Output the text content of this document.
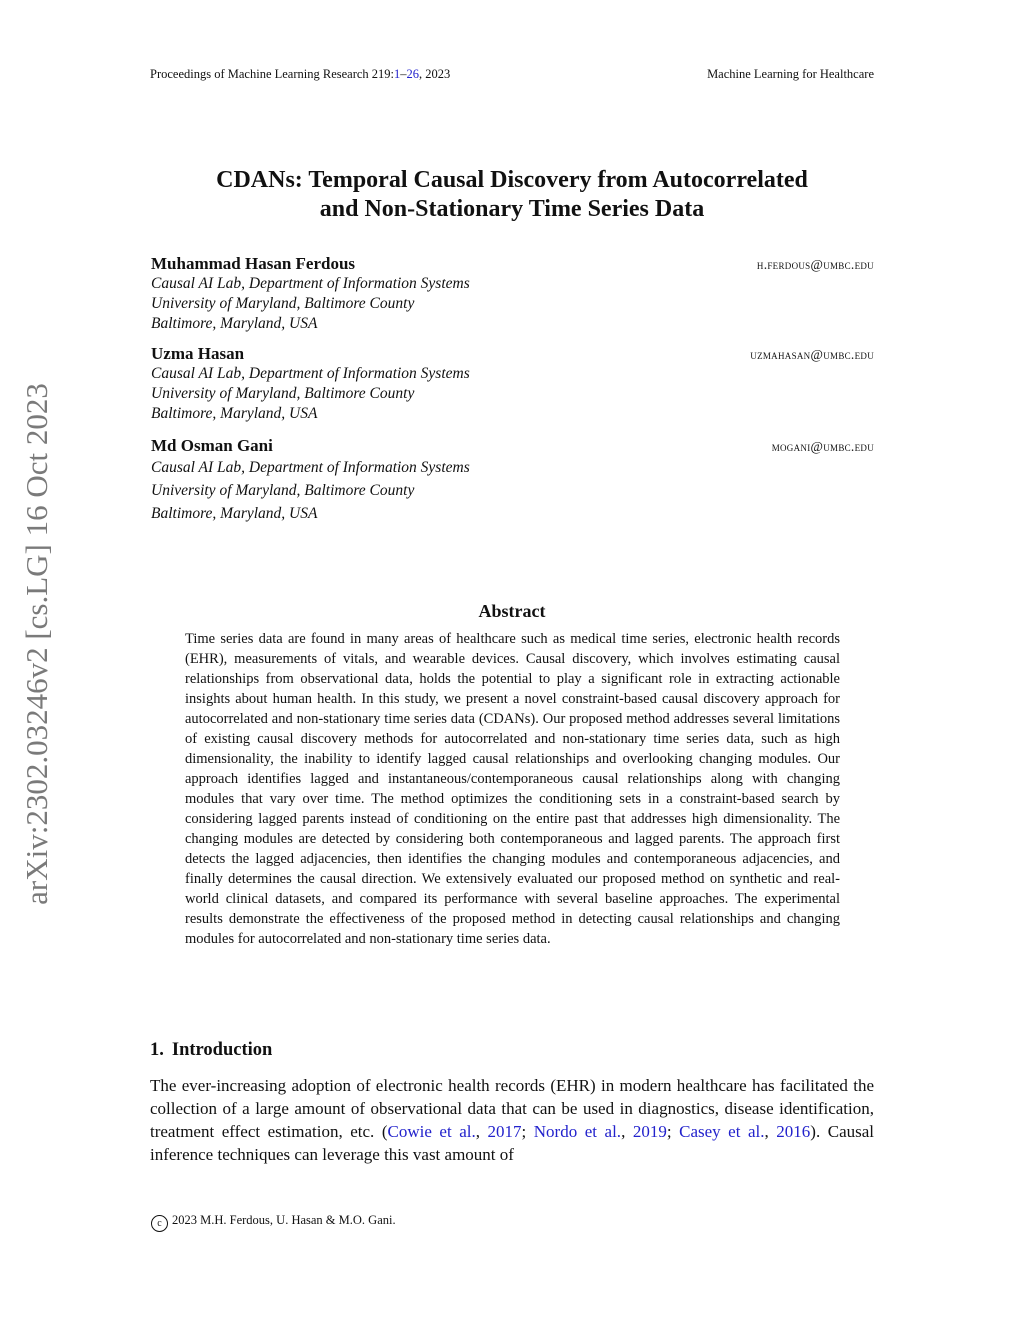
Proceedings of Machine Learning Research 219:1–26, 2023	Machine Learning for Healthcare
CDANs: Temporal Causal Discovery from Autocorrelated
and Non-Stationary Time Series Data
Muhammad Hasan Ferdous	h.ferdous@umbc.edu
Causal AI Lab, Department of Information Systems
University of Maryland, Baltimore County
Baltimore, Maryland, USA
Uzma Hasan	uzmahasan@umbc.edu
Causal AI Lab, Department of Information Systems
University of Maryland, Baltimore County
Baltimore, Maryland, USA
Md Osman Gani	mogani@umbc.edu
Causal AI Lab, Department of Information Systems
University of Maryland, Baltimore County
Baltimore, Maryland, USA
arXiv:2302.03246v2 [cs.LG] 16 Oct 2023	Abstract
Time series data are found in many areas of healthcare such as medical time series, electronic health records (EHR), measurements of vitals, and wearable devices. Causal discovery, which involves estimating causal relationships from observational data, holds the potential to play a significant role in extracting actionable insights about human health. In this study, we present a novel constraint-based causal discovery approach for autocorrelated and non-stationary time series data (CDANs). Our proposed method addresses several limitations of existing causal discovery methods for autocorrelated and non-stationary time series data, such as high dimensionality, the inability to identify lagged causal relationships and overlooking changing modules. Our approach identifies lagged and instantaneous/contemporaneous causal relationships along with changing modules that vary over time. The method optimizes the conditioning sets in a constraint-based search by considering lagged parents instead of conditioning on the entire past that addresses high dimensionality. The changing modules are detected by considering both contemporaneous and lagged parents. The approach first detects the lagged adjacencies, then identifies the changing modules and contemporaneous adjacencies, and finally determines the causal direction. We extensively evaluated our proposed method on synthetic and real-world clinical datasets, and compared its performance with several baseline approaches. The experimental results demonstrate the effectiveness of the proposed method in detecting causal relationships and changing modules for autocorrelated and non-stationary time series data.
1. Introduction
The ever-increasing adoption of electronic health records (EHR) in modern healthcare has facilitated the collection of a large amount of observational data that can be used in diagnostics, disease identification, treatment effect estimation, etc. (Cowie et al., 2017; Nordo et al., 2019; Casey et al., 2016). Causal inference techniques can leverage this vast amount of
c 2023 M.H. Ferdous, U. Hasan & M.O. Gani.
